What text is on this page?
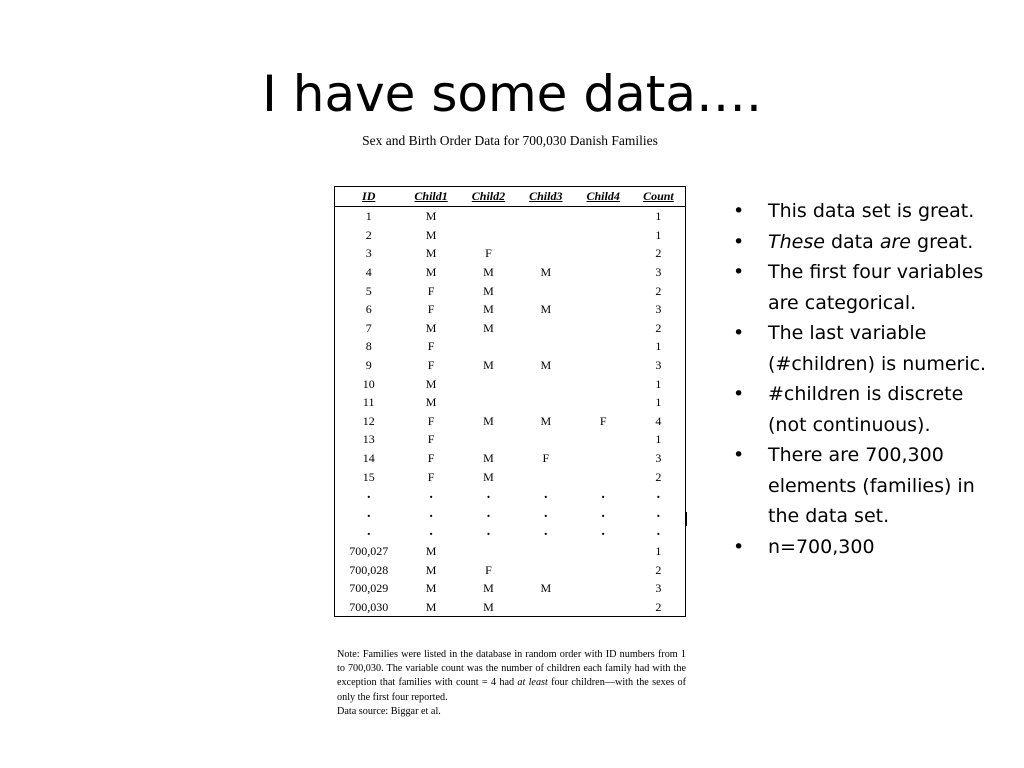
I have some data….
Sex and Birth Order Data for 700,030 Danish Families
ID	Child1	Child2	Child3	Child4	Count
1	M				1
2	M				1
3	M	F			2
4	M	M	M		3
5	F	M			2
6	F	M	M		3
7	M	M			2
8	F				1
9	F	M	M		3
10	M				1
11	M				1
12	F	M	M	F	4
13	F				1
14	F	M	F		3
15	F	M			2
.	.	.	.	.	.
.	.	.	.	.	.
.	.	.	.	.	.
700,027	M				1
700,028	M	F			2
700,029	M	M	M		3
700,030	M	M			2
Note: Families were listed in the database in random order with ID numbers from 1 to 700,030. The variable count was the number of children each family had with the exception that families with count = 4 had at least four children—with the sexes of only the first four reported.
Data source: Biggar et al.
• This data set is great.
• These data are great.
• The first four variables are categorical.
• The last variable (#children) is numeric.
• #children is discrete (not continuous).
• There are 700,300 elements (families) in the data set.
• n=700,300
